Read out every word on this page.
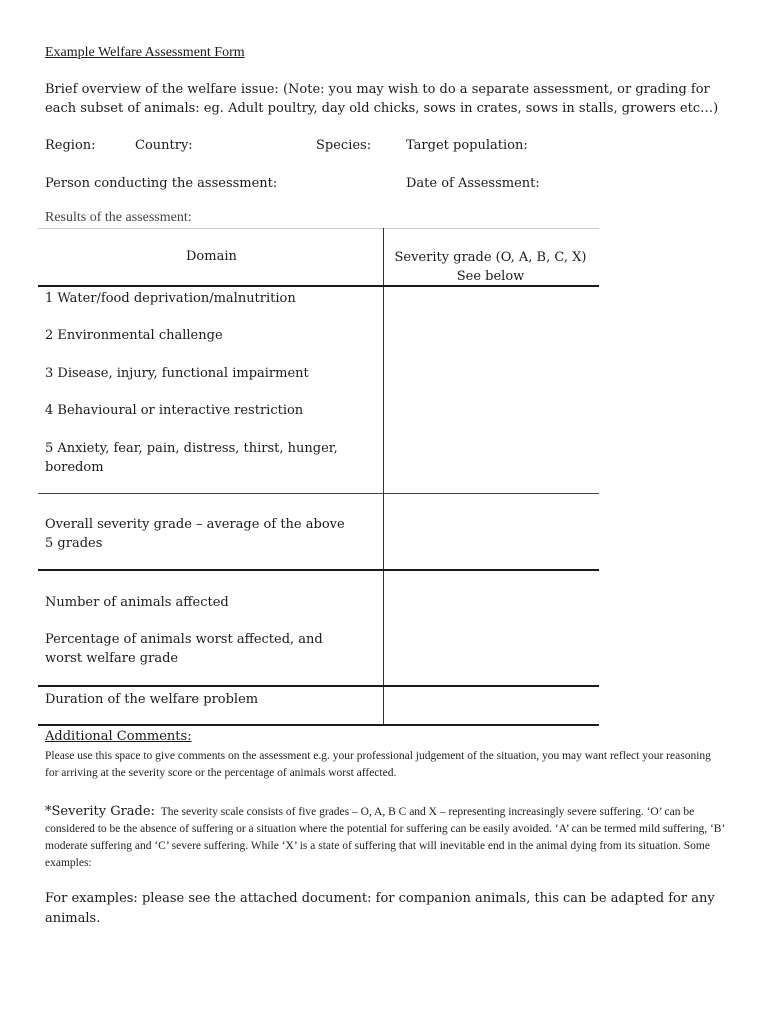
Example Welfare Assessment Form
Brief overview of the welfare issue: (Note: you may wish to do a separate assessment, or grading for each subset of animals: eg. Adult poultry, day old chicks, sows in crates, sows in stalls, growers etc…)
Region:	Country:	Species:	Target population:
Person conducting the assessment:	Date of Assessment:
Results of the assessment:
Domain	Severity grade (O, A, B, C, X)
See below
1 Water/food deprivation/malnutrition
2 Environmental challenge
3 Disease, injury, functional impairment
4 Behavioural or interactive restriction
5 Anxiety, fear, pain, distress, thirst, hunger, boredom
Overall severity grade – average of the above 5 grades
Number of animals affected
Percentage of animals worst affected, and worst welfare grade
Duration of the welfare problem
Additional Comments:
Please use this space to give comments on the assessment e.g. your professional judgement of the situation, you may want reflect your reasoning for arriving at the severity score or the percentage of animals worst affected.
*Severity Grade: The severity scale consists of five grades – O, A, B C and X – representing increasingly severe suffering. ‘O’ can be considered to be the absence of suffering or a situation where the potential for suffering can be easily avoided. ‘A’ can be termed mild suffering, ‘B’ moderate suffering and ‘C’ severe suffering. While ‘X’ is a state of suffering that will inevitable end in the animal dying from its situation. Some examples:
For examples: please see the attached document: for companion animals, this can be adapted for any animals.
